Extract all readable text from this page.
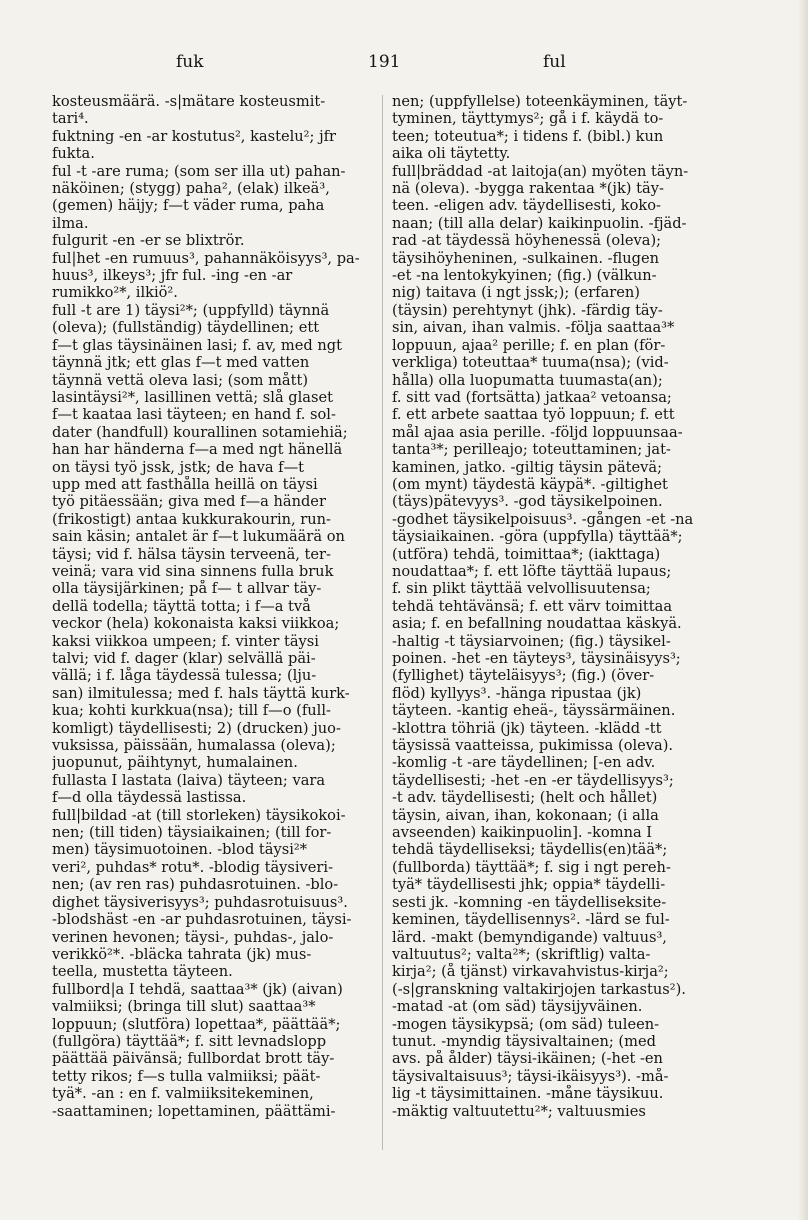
fuk	191	ful

kosteusmäärä. -s|mätare kosteusmit-

tari⁴.

fuktning -en -ar kostutus², kastelu²; jfr

fukta.

ful -t -are ruma; (som ser illa ut) pahan-

näköinen; (stygg) paha², (elak) ilkeä³,

(gemen) häijy; f—t väder ruma, paha

ilma.

fulgurit -en -er se blixtrör.

ful|het -en rumuus³, pahannäköisyys³, pa-

huus³, ilkeys³; jfr ful. -ing -en -ar

rumikko²*, ilkiö².

full -t are 1) täysi²*; (uppfylld) täynnä

(oleva); (fullständig) täydellinen; ett

f—t glas täysinäinen lasi; f. av, med ngt

täynnä jtk; ett glas f—t med vatten

täynnä vettä oleva lasi; (som mått)

lasintäysi²*, lasillinen vettä; slå glaset

f—t kaataa lasi täyteen; en hand f. sol-

dater (handfull) kourallinen sotamiehiä;

han har händerna f—a med ngt hänellä

on täysi työ jssk, jstk; de hava f—t

upp med att fasthålla heillä on täysi

työ pitäessään; giva med f—a händer

(frikostigt) antaa kukkurakourin, run-

sain käsin; antalet är f—t lukumäärä on

täysi; vid f. hälsa täysin terveenä, ter-

veinä; vara vid sina sinnens fulla bruk

olla täysijärkinen; på f— t allvar täy-

dellä todella; täyttä totta; i f—a två

veckor (hela) kokonaista kaksi viikkoa;

kaksi viikkoa umpeen; f. vinter täysi

talvi; vid f. dager (klar) selvällä päi-

vällä; i f. låga täydessä tulessa; (lju-

san) ilmitulessa; med f. hals täyttä kurk-

kua; kohti kurkkua(nsa); till f—o (full-

komligt) täydellisesti; 2) (drucken) juo-

vuksissa, päissään, humalassa (oleva);

juopunut, päihtynyt, humalainen.

fullasta I lastata (laiva) täyteen; vara

f—d olla täydessä lastissa.

full|bildad -at (till storleken) täysikokoi-

nen; (till tiden) täysiaikainen; (till for-

men) täysimuotoinen. -blod täysi²*

veri², puhdas* rotu*. -blodig täysiveri-

nen; (av ren ras) puhdasrotuinen. -blo-

dighet täysiverisyys³; puhdasrotuisuus³.

-blodshäst -en -ar puhdasrotuinen, täysi-

verinen hevonen; täysi-, puhdas-, jalo-

verikkö²*. -bläcka tahrata (jk) mus-

teella, mustetta täyteen.

fullbord|a I tehdä, saattaa³* (jk) (aivan)

valmiiksi; (bringa till slut) saattaa³*

loppuun; (slutföra) lopettaa*, päättää*;

(fullgöra) täyttää*; f. sitt levnadslopp

päättää päivänsä; fullbordat brott täy-

tetty rikos; f—s tulla valmiiksi; päät-

tyä*. -an : en f. valmiiksitekeminen,

-saattaminen; lopettaminen, päättämi-

nen; (uppfyllelse) toteenkäyminen, täyt-

tyminen, täyttymys²; gå i f. käydä to-

teen; toteutua*; i tidens f. (bibl.) kun

aika oli täytetty.

full|bräddad -at laitoja(an) myöten täyn-

nä (oleva). -bygga rakentaa *(jk) täy-

teen. -eligen adv. täydellisesti, koko-

naan; (till alla delar) kaikinpuolin. -fjäd-

rad -at täydessä höyhenessä (oleva);

täysihöyheninen, -sulkainen. -flugen

-et -na lentokykyinen; (fig.) (välkun-

nig) taitava (i ngt jssk;); (erfaren)

(täysin) perehtynyt (jhk). -färdig täy-

sin, aivan, ihan valmis. -följa saattaa³*

loppuun, ajaa² perille; f. en plan (för-

verkliga) toteuttaa* tuuma(nsa); (vid-

hålla) olla luopumatta tuumasta(an);

f. sitt vad (fortsätta) jatkaa² vetoansa;

f. ett arbete saattaa työ loppuun; f. ett

mål ajaa asia perille. -följd loppuunsaa-

tanta³*; perilleajo; toteuttaminen; jat-

kaminen, jatko. -giltig täysin pätevä;

(om mynt) täydestä käypä*. -giltighet

(täys)pätevyys³. -god täysikelpoinen.

-godhet täysikelpoisuus³. -gången -et -na

täysiaikainen. -göra (uppfylla) täyttää*;

(utföra) tehdä, toimittaa*; (iakttaga)

noudattaa*; f. ett löfte täyttää lupaus;

f. sin plikt täyttää velvollisuutensa;

tehdä tehtävänsä; f. ett värv toimittaa

asia; f. en befallning noudattaa käskyä.

-haltig -t täysiarvoinen; (fig.) täysikel-

poinen. -het -en täyteys³, täysinäisyys³;

(fyllighet) täyteläisyys³; (fig.) (över-

flöd) kyllyys³. -hänga ripustaa (jk)

täyteen. -kantig eheä-, täyssärmäinen.

-klottra töhriä (jk) täyteen. -klädd -tt

täysissä vaatteissa, pukimissa (oleva).

-komlig -t -are täydellinen; [-en adv.

täydellisesti; -het -en -er täydellisyys³;

-t adv. täydellisesti; (helt och hållet)

täysin, aivan, ihan, kokonaan; (i alla

avseenden) kaikinpuolin]. -komna I

tehdä täydelliseksi; täydellis(en)tää*;

(fullborda) täyttää*; f. sig i ngt pereh-

tyä* täydellisesti jhk; oppia* täydelli-

sesti jk. -komning -en täydelliseksite-

keminen, täydellisennys². -lärd se ful-

lärd. -makt (bemyndigande) valtuus³,

valtuutus²; valta²*; (skriftlig) valta-

kirja²; (å tjänst) virkavahvistus-kirja²;

(-s|granskning valtakirjojen tarkastus²).

-matad -at (om säd) täysijyväinen.

-mogen täysikypsä; (om säd) tuleen-

tunut. -myndig täysivaltainen; (med

avs. på ålder) täysi-ikäinen; (-het -en

täysivaltaisuus³; täysi-ikäisyys³). -må-

lig -t täysimittainen. -måne täysikuu.

-mäktig valtuutettu²*; valtuusmies
